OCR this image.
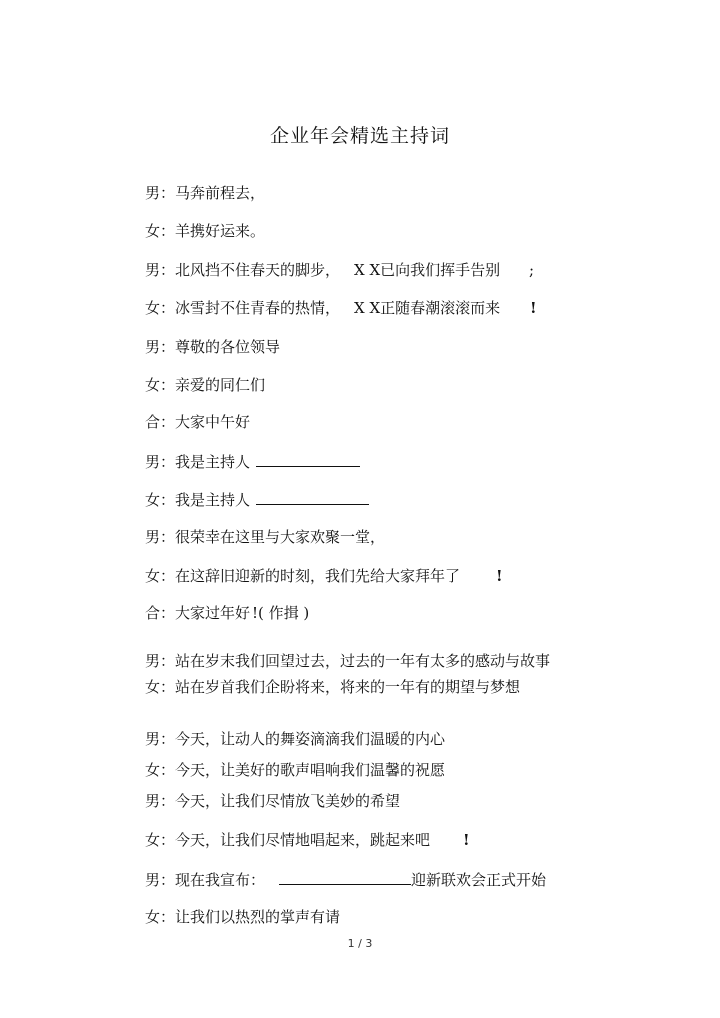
企业年会精选主持词
男：马奔前程去，
女：羊携好运来。
男：北风挡不住春天的脚步， X X已向我们挥手告别 ;
女：冰雪封不住青春的热情， X X正随春潮滚滚而来 !
男：尊敬的各位领导
女：亲爱的同仁们
合：大家中午好
男：我是主持人
女：我是主持人
男：很荣幸在这里与大家欢聚一堂，
女：在这辞旧迎新的时刻，我们先给大家拜年了 !
合：大家过年好 !( 作揖 )
男：站在岁末我们回望过去，过去的一年有太多的感动与故事
女：站在岁首我们企盼将来，将来的一年有的期望与梦想
男：今天，让动人的舞姿滴滴我们温暖的内心
女：今天，让美好的歌声唱响我们温馨的祝愿
男：今天，让我们尽情放飞美妙的希望
女：今天，让我们尽情地唱起来，跳起来吧 !
男：现在我宣布：	迎新联欢会正式开始
女：让我们以热烈的掌声有请
1 / 3
